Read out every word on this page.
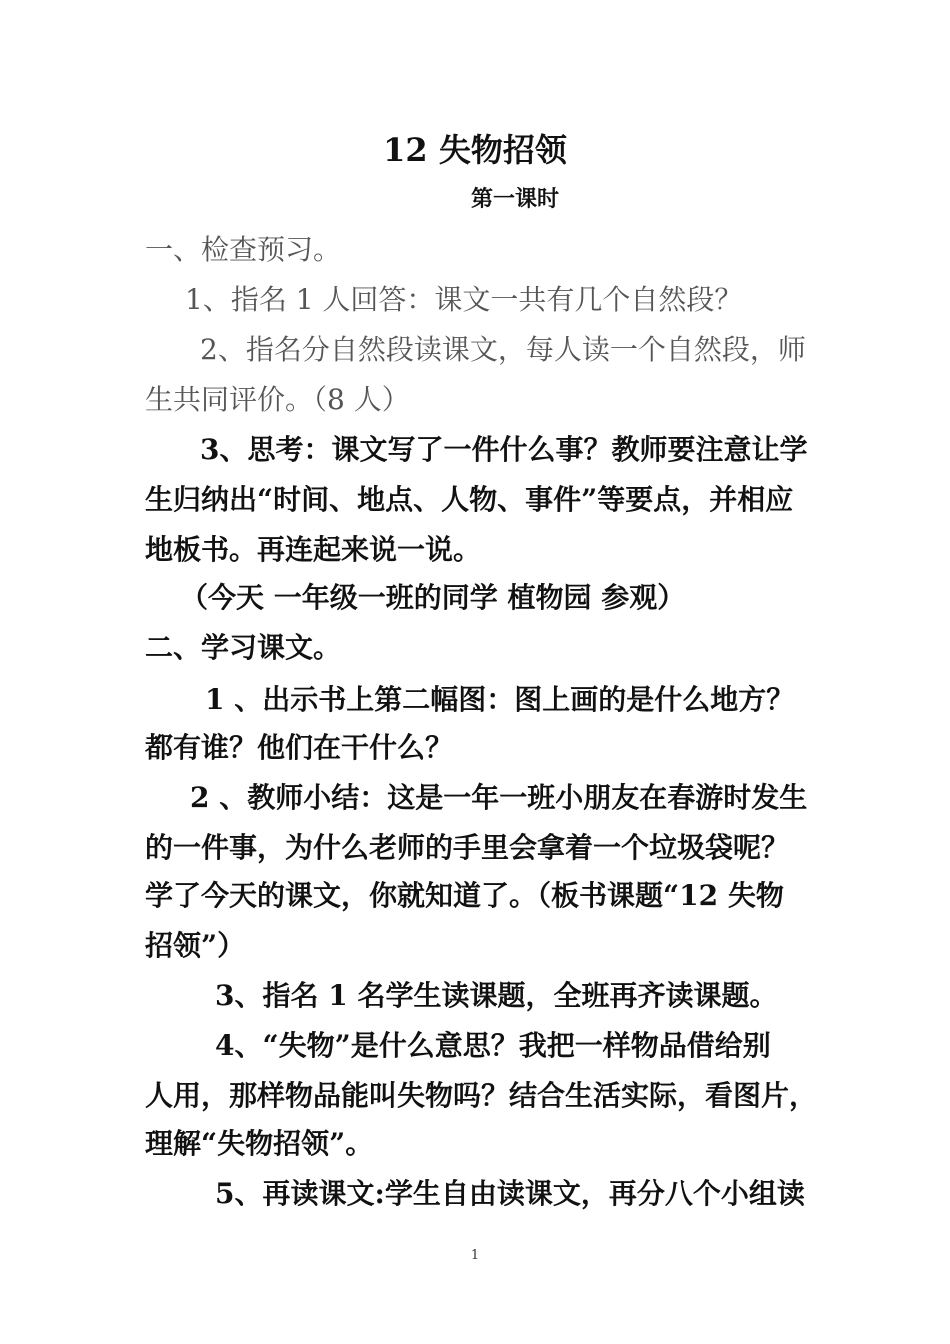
12 失物招领
第一课时
一、检查预习。
1、指名 1 人回答：课文一共有几个自然段？
2、指名分自然段读课文，每人读一个自然段，师
生共同评价。（8 人）
3、思考：课文写了一件什么事？教师要注意让学
生归纳出“时间、地点、人物、事件”等要点，并相应
地板书。再连起来说一说。
（今天 一年级一班的同学 植物园 参观）
二、学习课文。
1 、出示书上第二幅图：图上画的是什么地方？
都有谁？他们在干什么？
2 、教师小结：这是一年一班小朋友在春游时发生
的一件事，为什么老师的手里会拿着一个垃圾袋呢？
学了今天的课文，你就知道了。（板书课题“12 失物
招领”）
3、指名 1 名学生读课题，全班再齐读课题。
4、“失物”是什么意思？我把一样物品借给别
人用，那样物品能叫失物吗？结合生活实际，看图片，
理解“失物招领”。
5、再读课文:学生自由读课文，再分八个小组读
1
